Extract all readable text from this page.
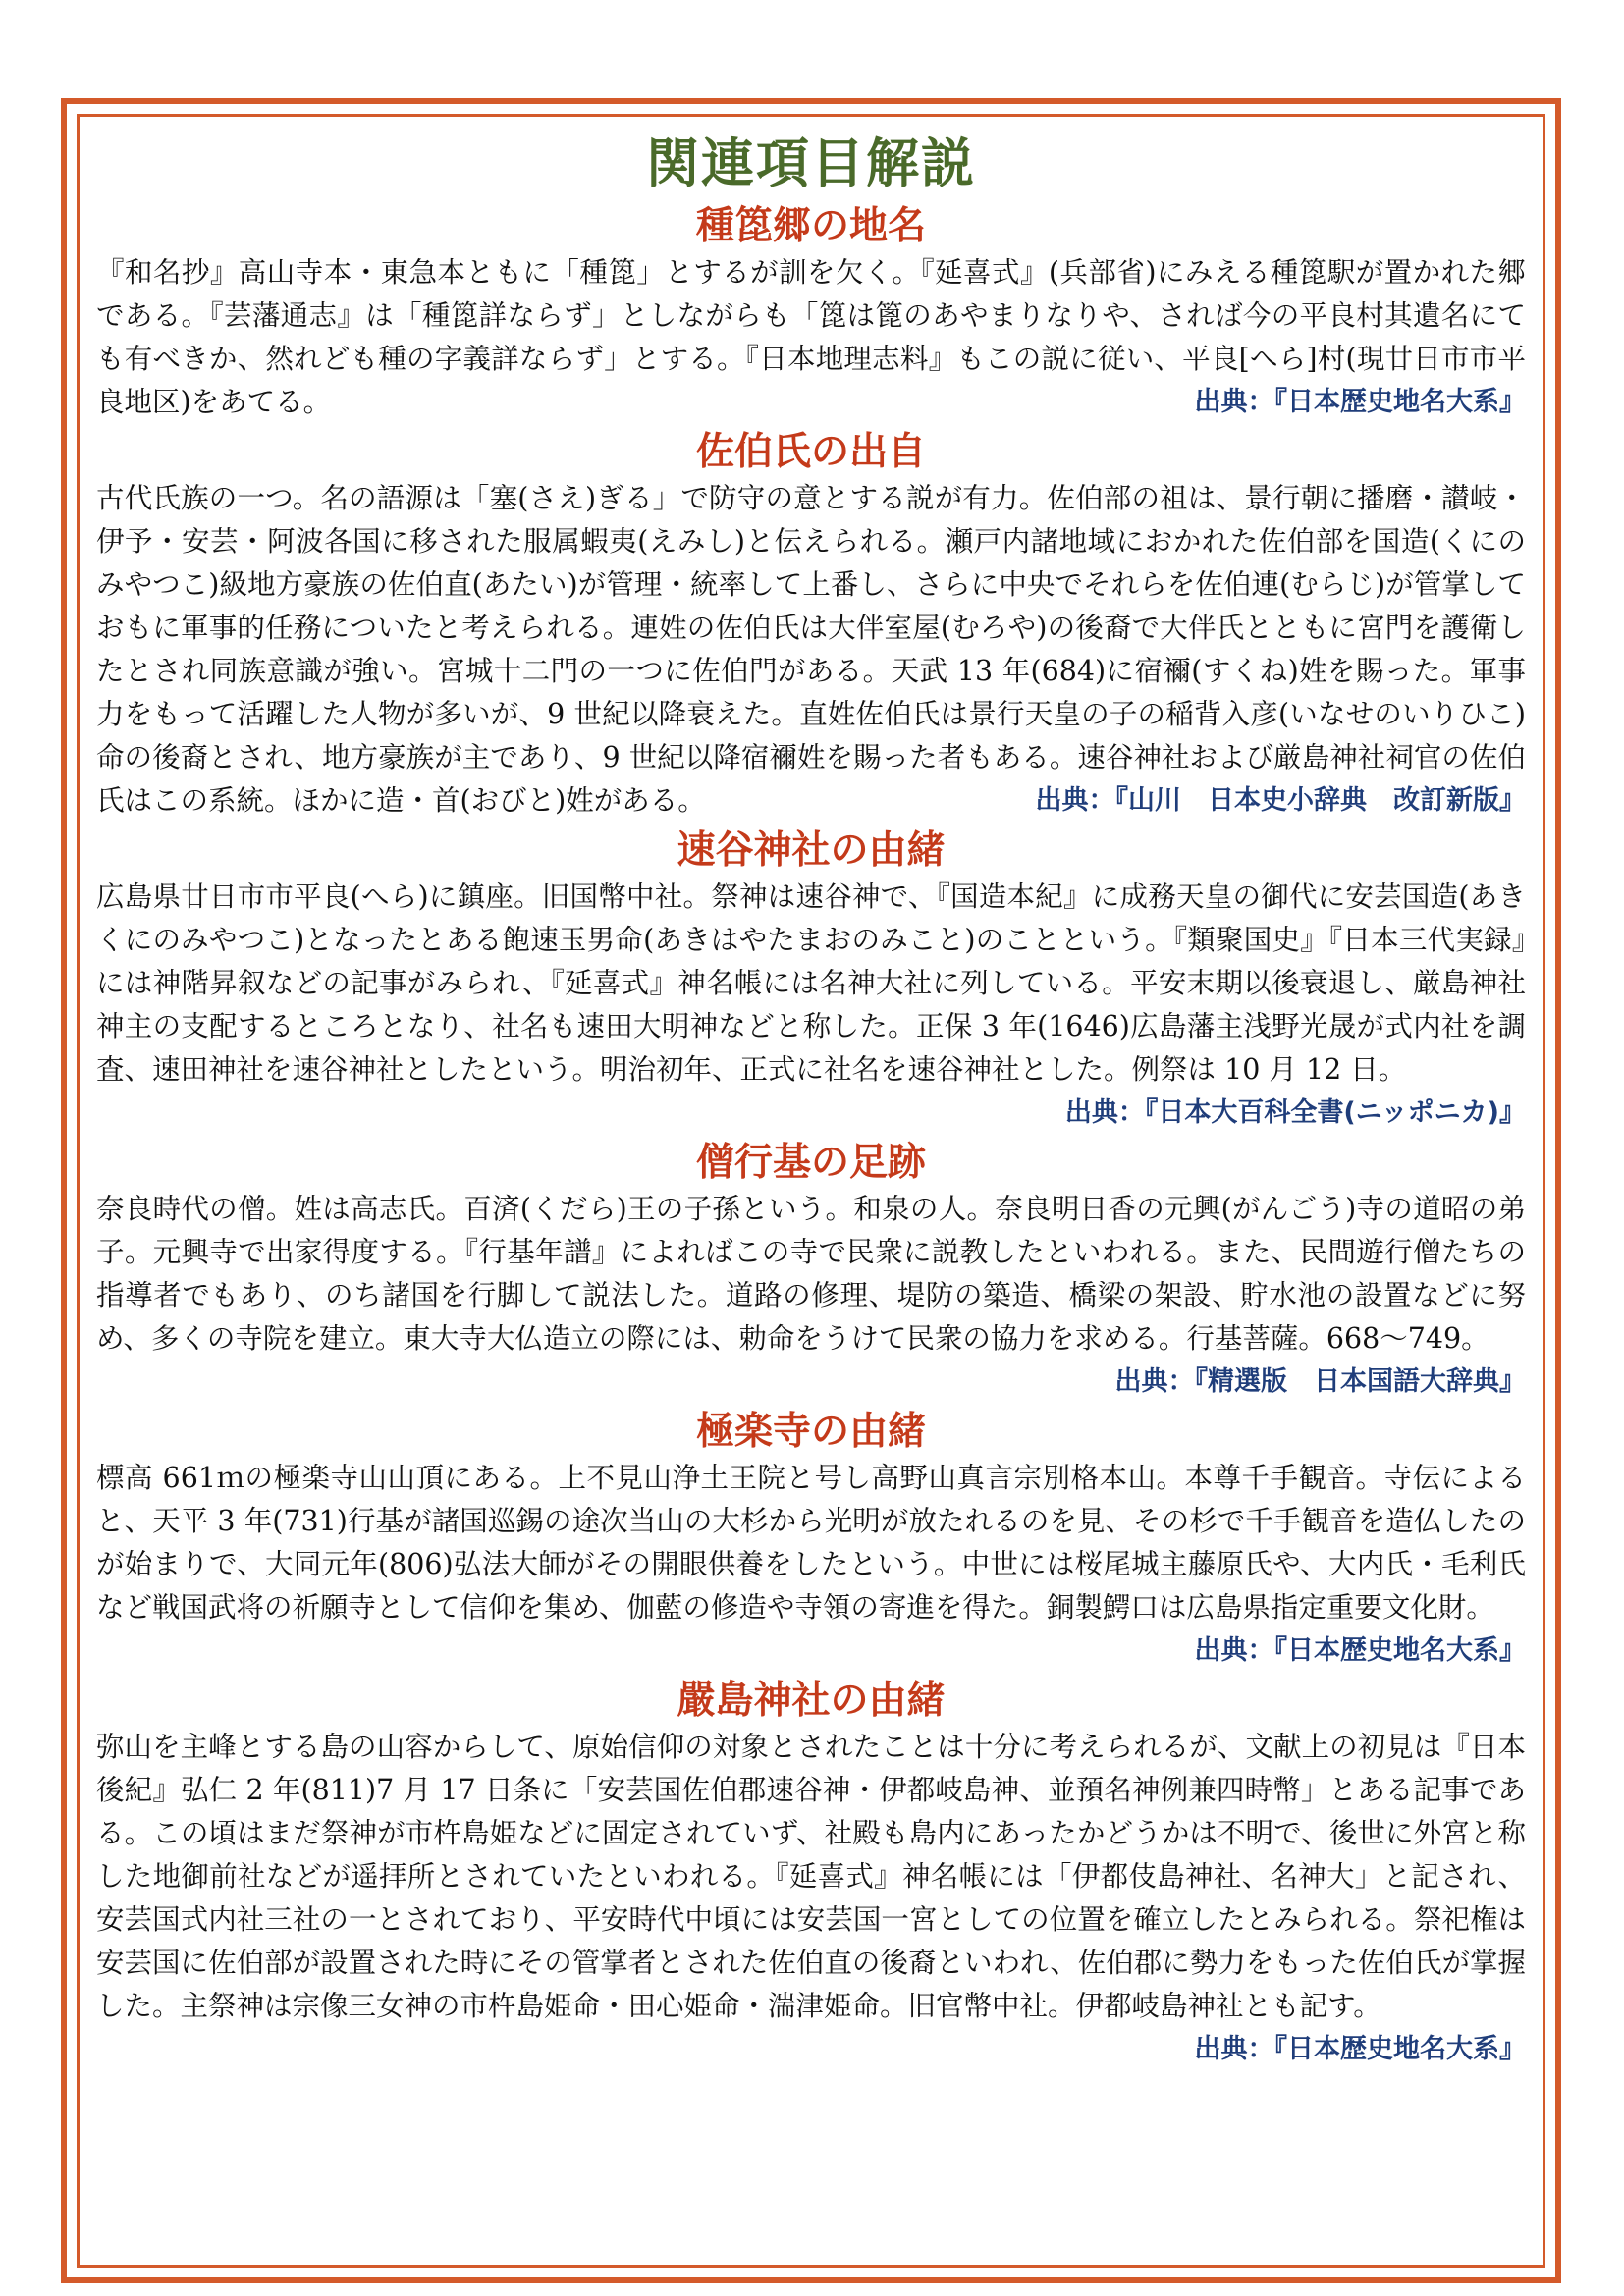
関連項目解説
種箆郷の地名

『和名抄』高山寺本・東急本ともに「種箆」とするが訓を欠く。『延喜式』(兵部省)にみえる種箆駅が置かれた郷である。『芸藩通志』は「種箆詳ならず」としながらも「箆は篦のあやまりなりや、されば今の平良村其遺名にても有べきか、然れども種の字義詳ならず」とする。『日本地理志料』もこの説に従い、平良[へら]村(現廿日市市平良地区)をあてる。	出典：『日本歴史地名大系』

佐伯氏の出自

古代氏族の一つ。名の語源は「塞(さえ)ぎる」で防守の意とする説が有力。佐伯部の祖は、景行朝に播磨・讃岐・伊予・安芸・阿波各国に移された服属蝦夷(えみし)と伝えられる。瀬戸内諸地域におかれた佐伯部を国造(くにのみやつこ)級地方豪族の佐伯直(あたい)が管理・統率して上番し、さらに中央でそれらを佐伯連(むらじ)が管掌しておもに軍事的任務についたと考えられる。連姓の佐伯氏は大伴室屋(むろや)の後裔で大伴氏とともに宮門を護衛したとされ同族意識が強い。宮城十二門の一つに佐伯門がある。天武 13 年(684)に宿禰(すくね)姓を賜った。軍事力をもって活躍した人物が多いが、9 世紀以降衰えた。直姓佐伯氏は景行天皇の子の稲背入彦(いなせのいりひこ)命の後裔とされ、地方豪族が主であり、9 世紀以降宿禰姓を賜った者もある。速谷神社および厳島神社祠官の佐伯氏はこの系統。ほかに造・首(おびと)姓がある。	出典：『山川　日本史小辞典　改訂新版』

速谷神社の由緒

広島県廿日市市平良(へら)に鎮座。旧国幣中社。祭神は速谷神で、『国造本紀』に成務天皇の御代に安芸国造(あきくにのみやつこ)となったとある飽速玉男命(あきはやたまおのみこと)のことという。『類聚国史』『日本三代実録』には神階昇叙などの記事がみられ、『延喜式』神名帳には名神大社に列している。平安末期以後衰退し、厳島神社神主の支配するところとなり、社名も速田大明神などと称した。正保 3 年(1646)広島藩主浅野光晟が式内社を調査、速田神社を速谷神社としたという。明治初年、正式に社名を速谷神社とした。例祭は 10 月 12 日。
出典：『日本大百科全書(ニッポニカ)』

僧行基の足跡

奈良時代の僧。姓は高志氏。百済(くだら)王の子孫という。和泉の人。奈良明日香の元興(がんごう)寺の道昭の弟子。元興寺で出家得度する。『行基年譜』によればこの寺で民衆に説教したといわれる。また、民間遊行僧たちの指導者でもあり、のち諸国を行脚して説法した。道路の修理、堤防の築造、橋梁の架設、貯水池の設置などに努め、多くの寺院を建立。東大寺大仏造立の際には、勅命をうけて民衆の協力を求める。行基菩薩。668～749。
出典：『精選版　日本国語大辞典』

極楽寺の由緒

標高 661ｍの極楽寺山山頂にある。上不見山浄土王院と号し高野山真言宗別格本山。本尊千手観音。寺伝によると、天平 3 年(731)行基が諸国巡錫の途次当山の大杉から光明が放たれるのを見、その杉で千手観音を造仏したのが始まりで、大同元年(806)弘法大師がその開眼供養をしたという。中世には桜尾城主藤原氏や、大内氏・毛利氏など戦国武将の祈願寺として信仰を集め、伽藍の修造や寺領の寄進を得た。銅製鰐口は広島県指定重要文化財。
出典：『日本歴史地名大系』

嚴島神社の由緒

弥山を主峰とする島の山容からして、原始信仰の対象とされたことは十分に考えられるが、文献上の初見は『日本後紀』弘仁 2 年(811)7 月 17 日条に「安芸国佐伯郡速谷神・伊都岐島神、並預名神例兼四時幣」とある記事である。この頃はまだ祭神が市杵島姫などに固定されていず、社殿も島内にあったかどうかは不明で、後世に外宮と称した地御前社などが遥拝所とされていたといわれる。『延喜式』神名帳には「伊都伎島神社、名神大」と記され、安芸国式内社三社の一とされており、平安時代中頃には安芸国一宮としての位置を確立したとみられる。祭祀権は安芸国に佐伯部が設置された時にその管掌者とされた佐伯直の後裔といわれ、佐伯郡に勢力をもった佐伯氏が掌握した。主祭神は宗像三女神の市杵島姫命・田心姫命・湍津姫命。旧官幣中社。伊都岐島神社とも記す。
出典：『日本歴史地名大系』
